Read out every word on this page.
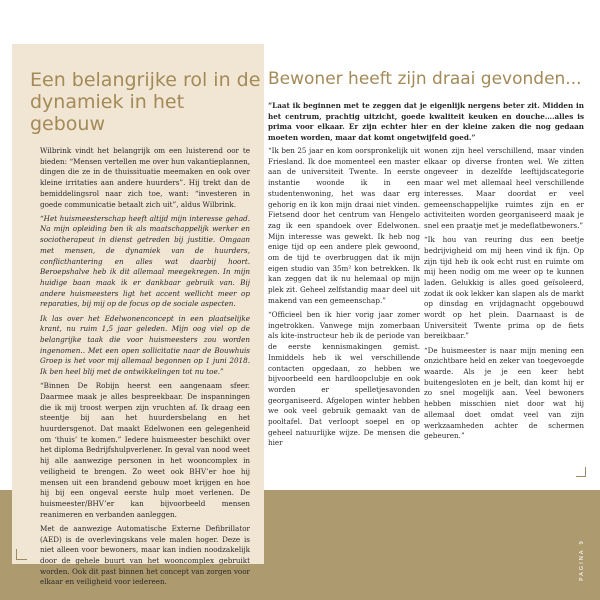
Een belangrijke rol in de dynamiek in het gebouw

Wilbrink vindt het belangrijk om een luisterend oor te bieden: “Mensen vertellen me over hun vakantieplannen, dingen die ze in de thuissituatie meemaken en ook over kleine irritaties aan andere huurders”. Hij trekt dan de bemiddelingsrol naar zich toe, want: “investeren in goede communicatie betaalt zich uit”, aldus Wilbrink.

“Het huismeesterschap heeft altijd mijn interesse gehad. Na mijn opleiding ben ik als maatschappelijk werker en sociotherapeut in dienst getreden bij justitie. Omgaan met mensen, de dynamiek van de huurders, conflicthantering en alles wat daarbij hoort. Beroepshalve heb ik dit allemaal meegekregen. In mijn huidige baan maak ik er dankbaar gebruik van. Bij andere huismeesters ligt het accent wellicht meer op reparaties, bij mij op de focus op de sociale aspecten.

Ik las over het Edelwonenconcept in een plaatselijke krant, nu ruim 1,5 jaar geleden. Mijn oog viel op de belangrijke taak die voor huismeesters zou worden ingenomen.. Met een open sollicitatie naar de Bouwhuis Groep is het voor mij allemaal begonnen op 1 juni 2018. Ik ben heel blij met de ontwikkelingen tot nu toe.”

“Binnen De Robijn heerst een aangenaam sfeer. Daarmee maak je alles bespreekbaar. De inspanningen die ik mij troost werpen zijn vruchten af. Ik draag een steentje bij aan het huurdersbelang en het huurdersgenot. Dat maakt Edelwonen een gelegenheid om ‘thuis’ te komen.” Iedere huismeester beschikt over het diploma Bedrijfshulpverlener. In geval van nood weet hij alle aanwezige personen in het wooncomplex in veiligheid te brengen. Zo weet ook BHV’er hoe hij mensen uit een brandend gebouw moet krijgen en hoe hij bij een ongeval eerste hulp moet verlenen. De huismeester/BHV’er kan bijvoorbeeld mensen reanimeren en verbanden aanleggen.

Met de aanwezige Automatische Externe Defibrillator (AED) is de overlevingskans vele malen hoger. Deze is niet alleen voor bewoners, maar kan indien noodzakelijk door de gehele buurt van het wooncomplex gebruikt worden. Ook dit past binnen het concept van zorgen voor elkaar en veiligheid voor iedereen.

Bewoner heeft zijn draai gevonden...

“Laat ik beginnen met te zeggen dat je eigenlijk nergens beter zit. Midden in het centrum, prachtig uitzicht, goede kwaliteit keuken en douche….alles is prima voor elkaar. Er zijn echter hier en der kleine zaken die nog gedaan moeten worden, maar dat komt ongetwijfeld goed.”

“Ik ben 25 jaar en kom oorspronkelijk uit Friesland. Ik doe momenteel een master aan de universiteit Twente. In eerste instantie woonde ik in een studentenwoning, het was daar erg gehorig en ik kon mijn draai niet vinden. Fietsend door het centrum van Hengelo zag ik een spandoek over Edelwonen. Mijn interesse was gewekt. Ik heb nog enige tijd op een andere plek gewoond, om de tijd te overbruggen dat ik mijn eigen studio van 35m² kon betrekken. Ik kan zeggen dat ik nu helemaal op mijn plek zit. Geheel zelfstandig maar deel uit makend van een gemeenschap.”

“Officieel ben ik hier vorig jaar zomer ingetrokken. Vanwege mijn zomerbaan als kite-instructeur heb ik de periode van de eerste kennismakingen gemist. Inmiddels heb ik wel verschillende contacten opgedaan, zo hebben we bijvoorbeeld een hardloopclubje en ook worden er spelletjesavonden georganiseerd. Afgelopen winter hebben we ook veel gebruik gemaakt van de pooltafel. Dat verloopt soepel en op geheel natuurlijke wijze. De mensen die hier

wonen zijn heel verschillend, maar vinden elkaar op diverse fronten wel. We zitten ongeveer in dezelfde leeftijdscategorie maar wel met allemaal heel verschillende interesses. Maar doordat er veel gemeenschappelijke ruimtes zijn en er activiteiten worden georganiseerd maak je snel een praatje met je medeflatbewoners.”

“Ik hou van reuring dus een beetje bedrijvigheid om mij heen vind ik fijn. Op zijn tijd heb ik ook echt rust en ruimte om mij heen nodig om me weer op te kunnen laden. Gelukkig is alles goed geïsoleerd, zodat ik ook lekker kan slapen als de markt op dinsdag en vrijdagnacht opgebouwd wordt op het plein. Daarnaast is de Universiteit Twente prima op de fiets bereikbaar.”

“De huismeester is naar mijn mening een onzichtbare held en zeker van toegevoegde waarde. Als je je een keer hebt buitengesloten en je belt, dan komt hij er zo snel mogelijk aan. Veel bewoners hebben misschien niet door wat hij allemaal doet omdat veel van zijn werkzaamheden achter de schermen gebeuren.”

PAGINA 9
